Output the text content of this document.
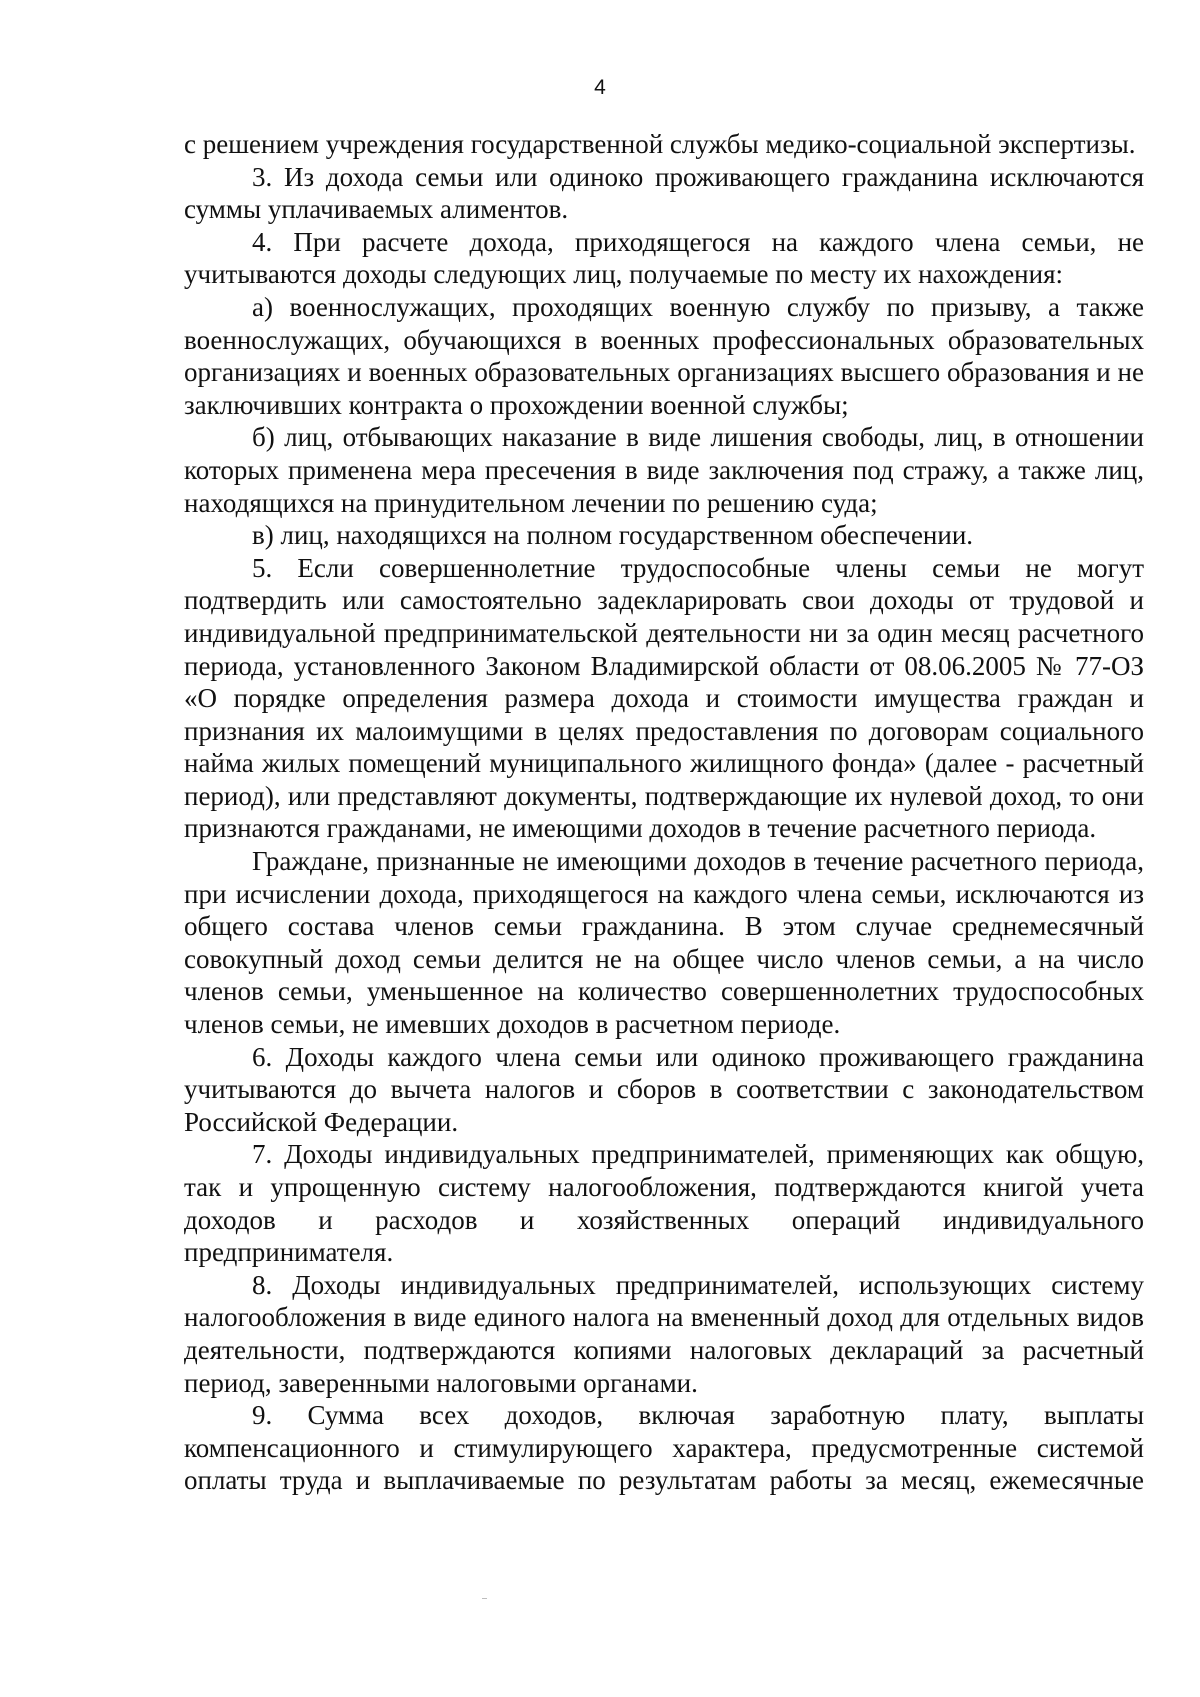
4

с решением учреждения государственной службы медико-социальной экспертизы.

3. Из дохода семьи или одиноко проживающего гражданина исключаются суммы уплачиваемых алиментов.

4. При расчете дохода, приходящегося на каждого члена семьи, не учитываются доходы следующих лиц, получаемые по месту их нахождения:

а) военнослужащих, проходящих военную службу по призыву, а также военнослужащих, обучающихся в военных профессиональных образовательных организациях и военных образовательных организациях высшего образования и не заключивших контракта о прохождении военной службы;

б) лиц, отбывающих наказание в виде лишения свободы, лиц, в отношении которых применена мера пресечения в виде заключения под стражу, а также лиц, находящихся на принудительном лечении по решению суда;

в) лиц, находящихся на полном государственном обеспечении.

5. Если совершеннолетние трудоспособные члены семьи не могут подтвердить или самостоятельно задекларировать свои доходы от трудовой и индивидуальной предпринимательской деятельности ни за один месяц расчетного периода, установленного Законом Владимирской области от 08.06.2005 № 77-ОЗ «О порядке определения размера дохода и стоимости имущества граждан и признания их малоимущими в целях предоставления по договорам социального найма жилых помещений муниципального жилищного фонда» (далее - расчетный период), или представляют документы, подтверждающие их нулевой доход, то они признаются гражданами, не имеющими доходов в течение расчетного периода.

Граждане, признанные не имеющими доходов в течение расчетного периода, при исчислении дохода, приходящегося на каждого члена семьи, исключаются из общего состава членов семьи гражданина. В этом случае среднемесячный совокупный доход семьи делится не на общее число членов семьи, а на число членов семьи, уменьшенное на количество совершеннолетних трудоспособных членов семьи, не имевших доходов в расчетном периоде.

6. Доходы каждого члена семьи или одиноко проживающего гражданина учитываются до вычета налогов и сборов в соответствии с законодательством Российской Федерации.

7. Доходы индивидуальных предпринимателей, применяющих как общую, так и упрощенную систему налогообложения, подтверждаются книгой учета доходов и расходов и хозяйственных операций индивидуального предпринимателя.

8. Доходы индивидуальных предпринимателей, использующих систему налогообложения в виде единого налога на вмененный доход для отдельных видов деятельности, подтверждаются копиями налоговых деклараций за расчетный период, заверенными налоговыми органами.

9. Сумма всех доходов, включая заработную плату, выплаты компенсационного и стимулирующего характера, предусмотренные системой оплаты труда и выплачиваемые по результатам работы за месяц, ежемесячные
